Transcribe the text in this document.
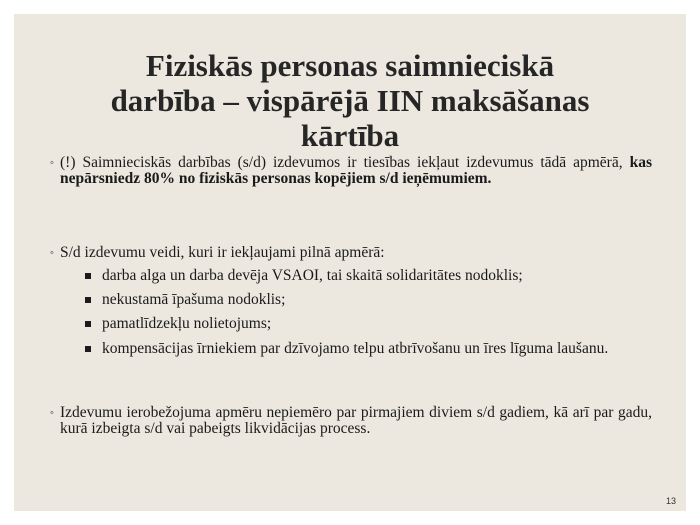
Fiziskās personas saimnieciskā
darbība – vispārējā IIN maksāšanas
kārtība
◦ (!) Saimnieciskās darbības (s/d) izdevumos ir tiesības iekļaut izdevumus tādā apmērā, kas nepārsniedz 80% no fiziskās personas kopējiem s/d ieņēmumiem.
◦ S/d izdevumu veidi, kuri ir iekļaujami pilnā apmērā:
darba alga un darba devēja VSAOI, tai skaitā solidaritātes nodoklis;
nekustamā īpašuma nodoklis;
pamatlīdzekļu nolietojums;
kompensācijas īrniekiem par dzīvojamo telpu atbrīvošanu un īres līguma laušanu.
◦ Izdevumu ierobežojuma apmēru nepiemēro par pirmajiem diviem s/d gadiem, kā arī par gadu, kurā izbeigta s/d vai pabeigts likvidācijas process.
13
